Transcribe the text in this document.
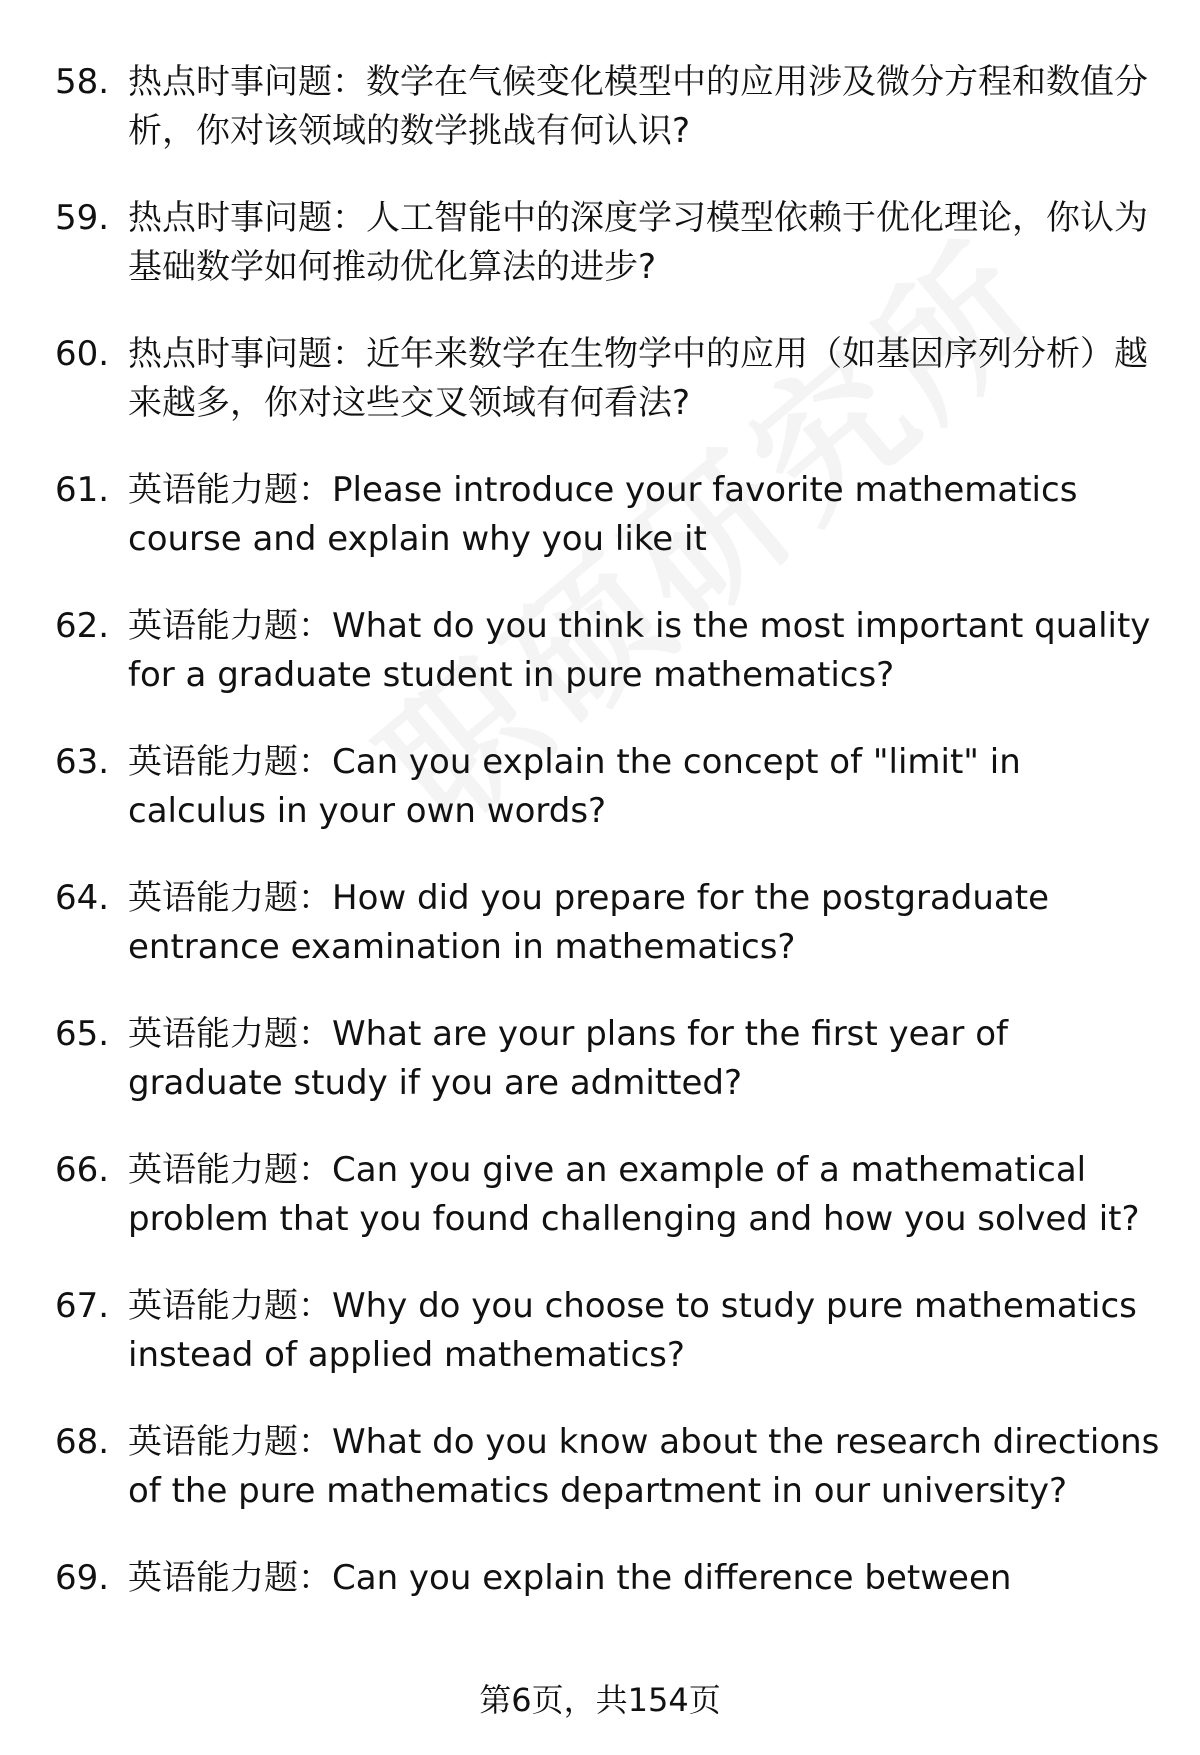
58. 热点时事问题：数学在气候变化模型中的应用涉及微分方程和数值分析，你对该领域的数学挑战有何认识?
59. 热点时事问题：人工智能中的深度学习模型依赖于优化理论，你认为基础数学如何推动优化算法的进步?
60. 热点时事问题：近年来数学在生物学中的应用（如基因序列分析）越来越多，你对这些交叉领域有何看法?
61. 英语能力题：Please introduce your favorite mathematics course and explain why you like it
62. 英语能力题：What do you think is the most important quality for a graduate student in pure mathematics?
63. 英语能力题：Can you explain the concept of "limit" in calculus in your own words?
64. 英语能力题：How did you prepare for the postgraduate entrance examination in mathematics?
65. 英语能力题：What are your plans for the first year of graduate study if you are admitted?
66. 英语能力题：Can you give an example of a mathematical problem that you found challenging and how you solved it?
67. 英语能力题：Why do you choose to study pure mathematics instead of applied mathematics?
68. 英语能力题：What do you know about the research directions of the pure mathematics department in our university?
69. 英语能力题：Can you explain the difference between
第6页，共154页
